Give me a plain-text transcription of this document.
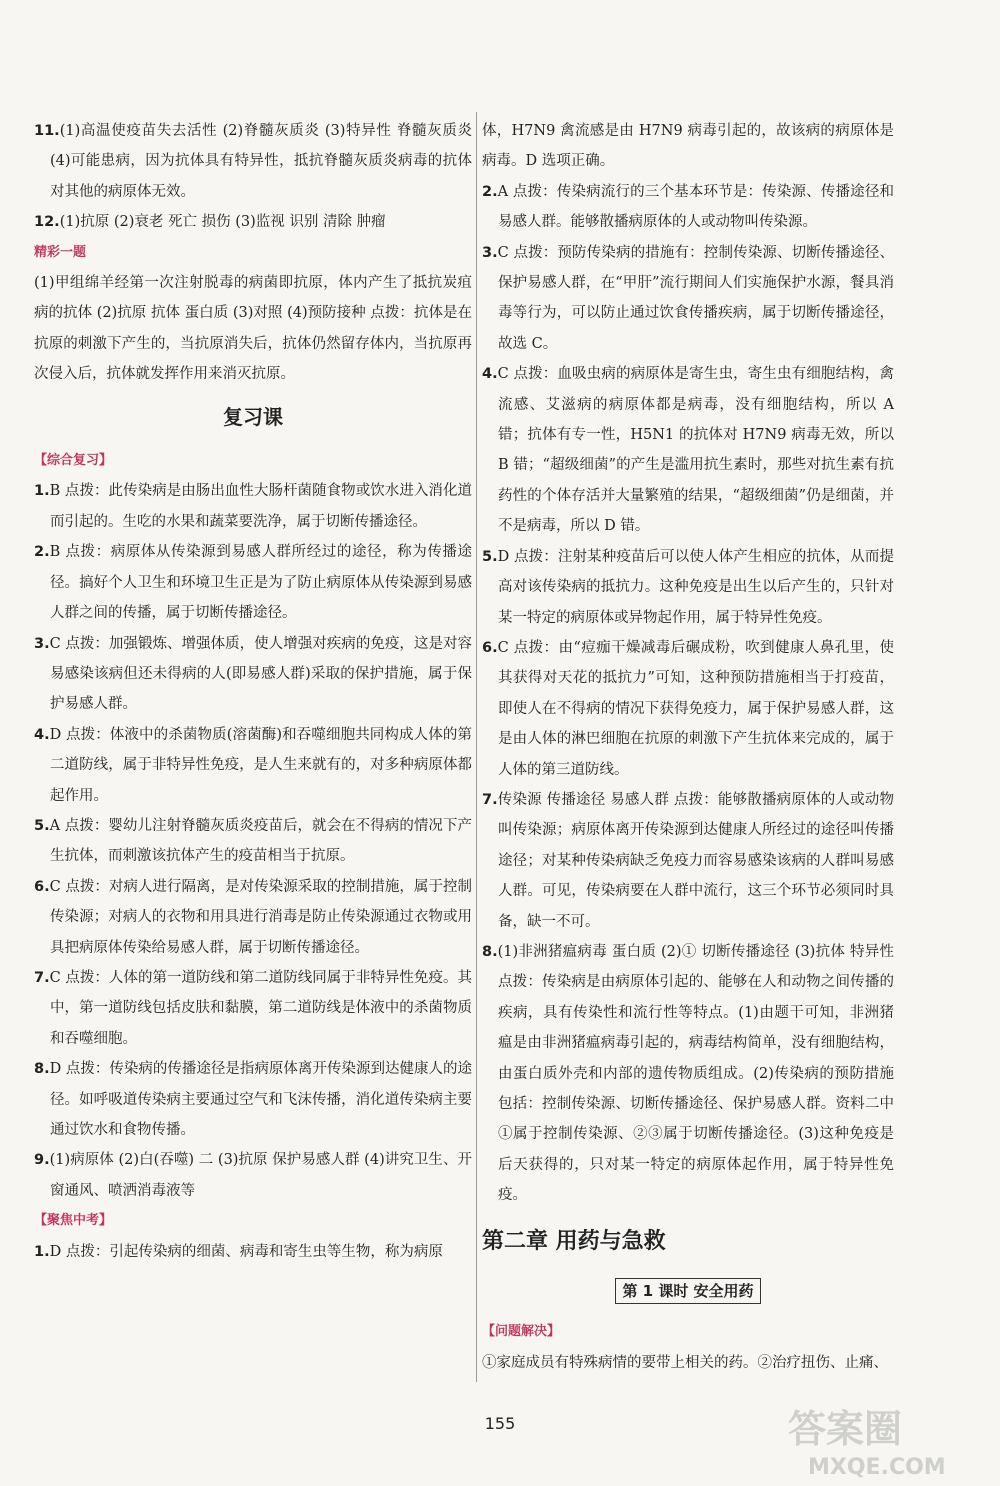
11.(1)高温使疫苗失去活性 (2)脊髓灰质炎 (3)特异性 脊髓灰质炎 (4)可能患病，因为抗体具有特异性，抵抗脊髓灰质炎病毒的抗体对其他的病原体无效。

12.(1)抗原 (2)衰老 死亡 损伤 (3)监视 识别 清除 肿瘤

精彩一题

(1)甲组绵羊经第一次注射脱毒的病菌即抗原，体内产生了抵抗炭疽病的抗体 (2)抗原 抗体 蛋白质 (3)对照 (4)预防接种 点拨：抗体是在抗原的刺激下产生的，当抗原消失后，抗体仍然留存体内，当抗原再次侵入后，抗体就发挥作用来消灭抗原。

复习课

【综合复习】

1.B 点拨：此传染病是由肠出血性大肠杆菌随食物或饮水进入消化道而引起的。生吃的水果和蔬菜要洗净，属于切断传播途径。

2.B 点拨：病原体从传染源到易感人群所经过的途径，称为传播途径。搞好个人卫生和环境卫生正是为了防止病原体从传染源到易感人群之间的传播，属于切断传播途径。

3.C 点拨：加强锻炼、增强体质，使人增强对疾病的免疫，这是对容易感染该病但还未得病的人(即易感人群)采取的保护措施，属于保护易感人群。

4.D 点拨：体液中的杀菌物质(溶菌酶)和吞噬细胞共同构成人体的第二道防线，属于非特异性免疫，是人生来就有的，对多种病原体都起作用。

5.A 点拨：婴幼儿注射脊髓灰质炎疫苗后，就会在不得病的情况下产生抗体，而刺激该抗体产生的疫苗相当于抗原。

6.C 点拨：对病人进行隔离，是对传染源采取的控制措施，属于控制传染源；对病人的衣物和用具进行消毒是防止传染源通过衣物或用具把病原体传染给易感人群，属于切断传播途径。

7.C 点拨：人体的第一道防线和第二道防线同属于非特异性免疫。其中，第一道防线包括皮肤和黏膜，第二道防线是体液中的杀菌物质和吞噬细胞。

8.D 点拨：传染病的传播途径是指病原体离开传染源到达健康人的途径。如呼吸道传染病主要通过空气和飞沫传播，消化道传染病主要通过饮水和食物传播。

9.(1)病原体 (2)白(吞噬) 二 (3)抗原 保护易感人群 (4)讲究卫生、开窗通风、喷洒消毒液等

【聚焦中考】

1.D 点拨：引起传染病的细菌、病毒和寄生虫等生物，称为病原

体，H7N9 禽流感是由 H7N9 病毒引起的，故该病的病原体是病毒。D 选项正确。

2.A 点拨：传染病流行的三个基本环节是：传染源、传播途径和易感人群。能够散播病原体的人或动物叫传染源。

3.C 点拨：预防传染病的措施有：控制传染源、切断传播途径、保护易感人群，在“甲肝”流行期间人们实施保护水源，餐具消毒等行为，可以防止通过饮食传播疾病，属于切断传播途径，故选 C。

4.C 点拨：血吸虫病的病原体是寄生虫，寄生虫有细胞结构，禽流感、艾滋病的病原体都是病毒，没有细胞结构，所以 A 错；抗体有专一性，H5N1 的抗体对 H7N9 病毒无效，所以 B 错；“超级细菌”的产生是滥用抗生素时，那些对抗生素有抗药性的个体存活并大量繁殖的结果，“超级细菌”仍是细菌，并不是病毒，所以 D 错。

5.D 点拨：注射某种疫苗后可以使人体产生相应的抗体，从而提高对该传染病的抵抗力。这种免疫是出生以后产生的，只针对某一特定的病原体或异物起作用，属于特异性免疫。

6.C 点拨：由“痘痂干燥减毒后碾成粉，吹到健康人鼻孔里，使其获得对天花的抵抗力”可知，这种预防措施相当于打疫苗，即使人在不得病的情况下获得免疫力，属于保护易感人群，这是由人体的淋巴细胞在抗原的刺激下产生抗体来完成的，属于人体的第三道防线。

7.传染源 传播途径 易感人群 点拨：能够散播病原体的人或动物叫传染源；病原体离开传染源到达健康人所经过的途径叫传播途径；对某种传染病缺乏免疫力而容易感染该病的人群叫易感人群。可见，传染病要在人群中流行，这三个环节必须同时具备，缺一不可。

8.(1)非洲猪瘟病毒 蛋白质 (2)① 切断传播途径 (3)抗体 特异性 点拨：传染病是由病原体引起的、能够在人和动物之间传播的疾病，具有传染性和流行性等特点。(1)由题干可知，非洲猪瘟是由非洲猪瘟病毒引起的，病毒结构简单，没有细胞结构，由蛋白质外壳和内部的遗传物质组成。(2)传染病的预防措施包括：控制传染源、切断传播途径、保护易感人群。资料二中①属于控制传染源、②③属于切断传播途径。(3)这种免疫是后天获得的，只对某一特定的病原体起作用，属于特异性免疫。

第二章 用药与急救
第 1 课时 安全用药

【问题解决】

①家庭成员有特殊病情的要带上相关的药。②治疗扭伤、止痛、

155	答案圈
MXQE.COM
